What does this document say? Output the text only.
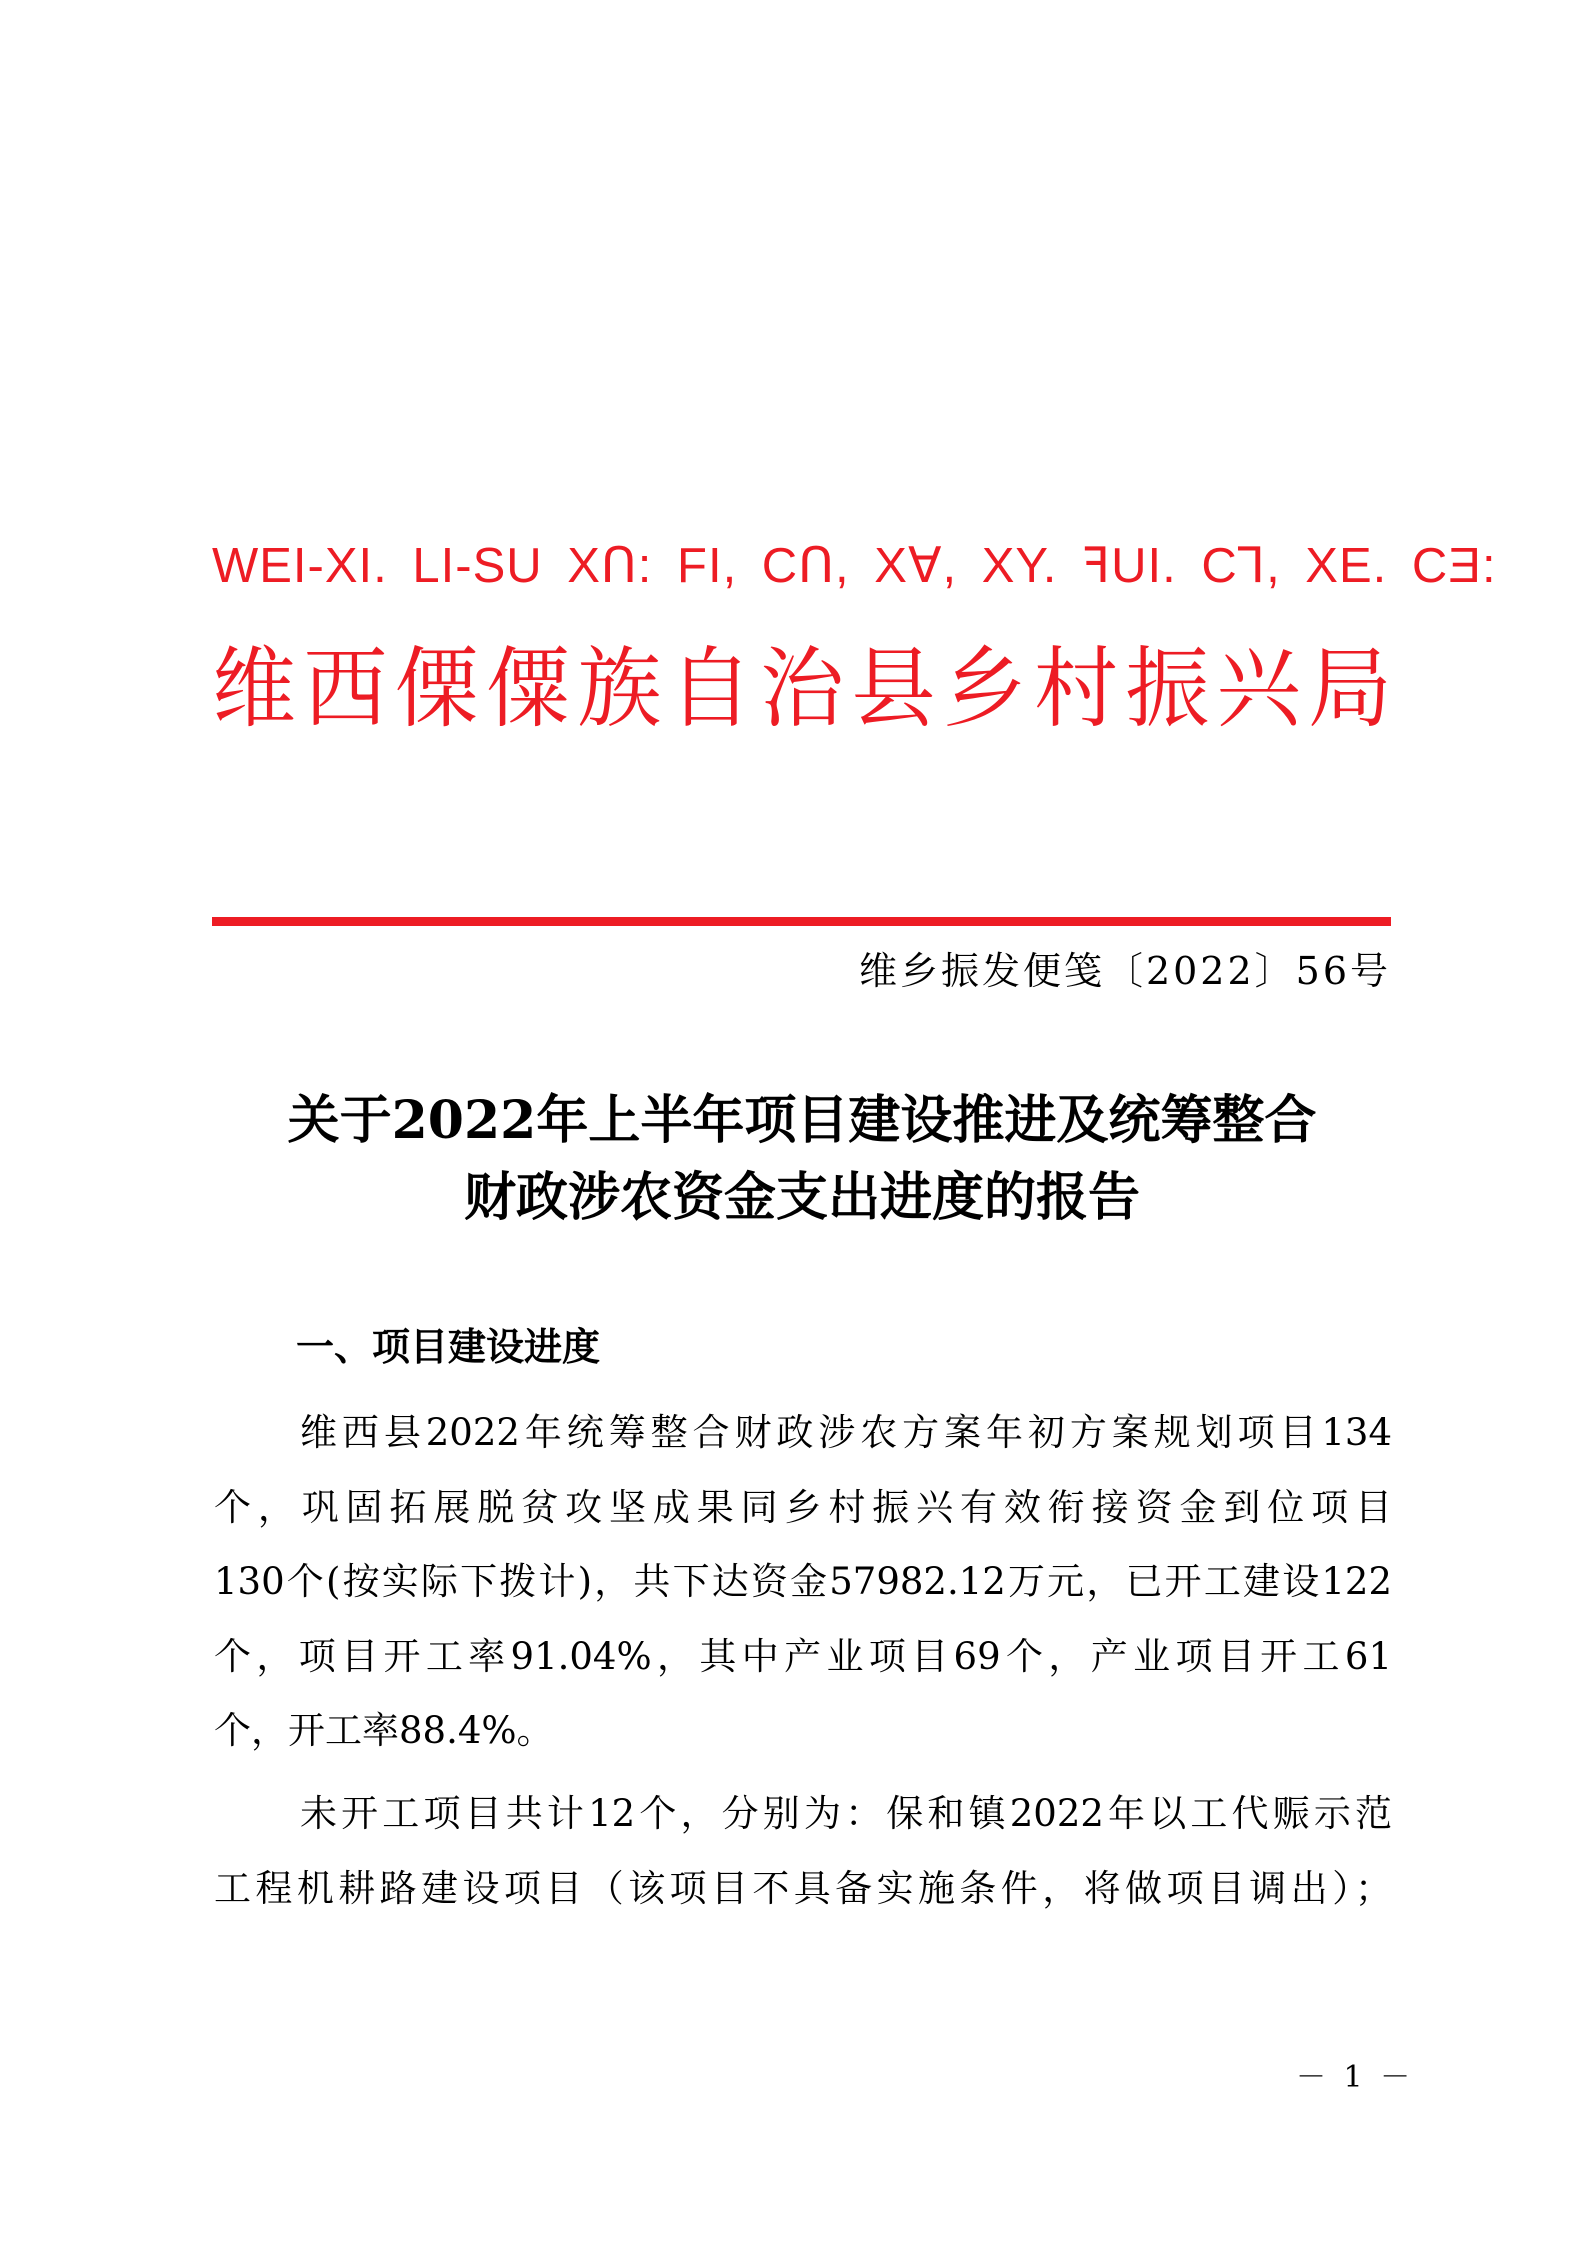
WEI-XI. LI-SU XՈ: FI, CՈ, X∀, XY. ꟻUI. C⅂, XE. CƎ:
维西傈僳族自治县乡村振兴局
维乡振发便笺〔2022〕56号
关于2022年上半年项目建设推进及统筹整合
财政涉农资金支出进度的报告
一、项目建设进度
维西县2022年统筹整合财政涉农方案年初方案规划项目134
个，巩固拓展脱贫攻坚成果同乡村振兴有效衔接资金到位项目
130个(按实际下拨计)，共下达资金57982.12万元，已开工建设122
个，项目开工率91.04%，其中产业项目69个，产业项目开工61
个，开工率88.4%。
未开工项目共计12个，分别为：保和镇2022年以工代赈示范
工程机耕路建设项目（该项目不具备实施条件，将做项目调出）；
－ 1 －
